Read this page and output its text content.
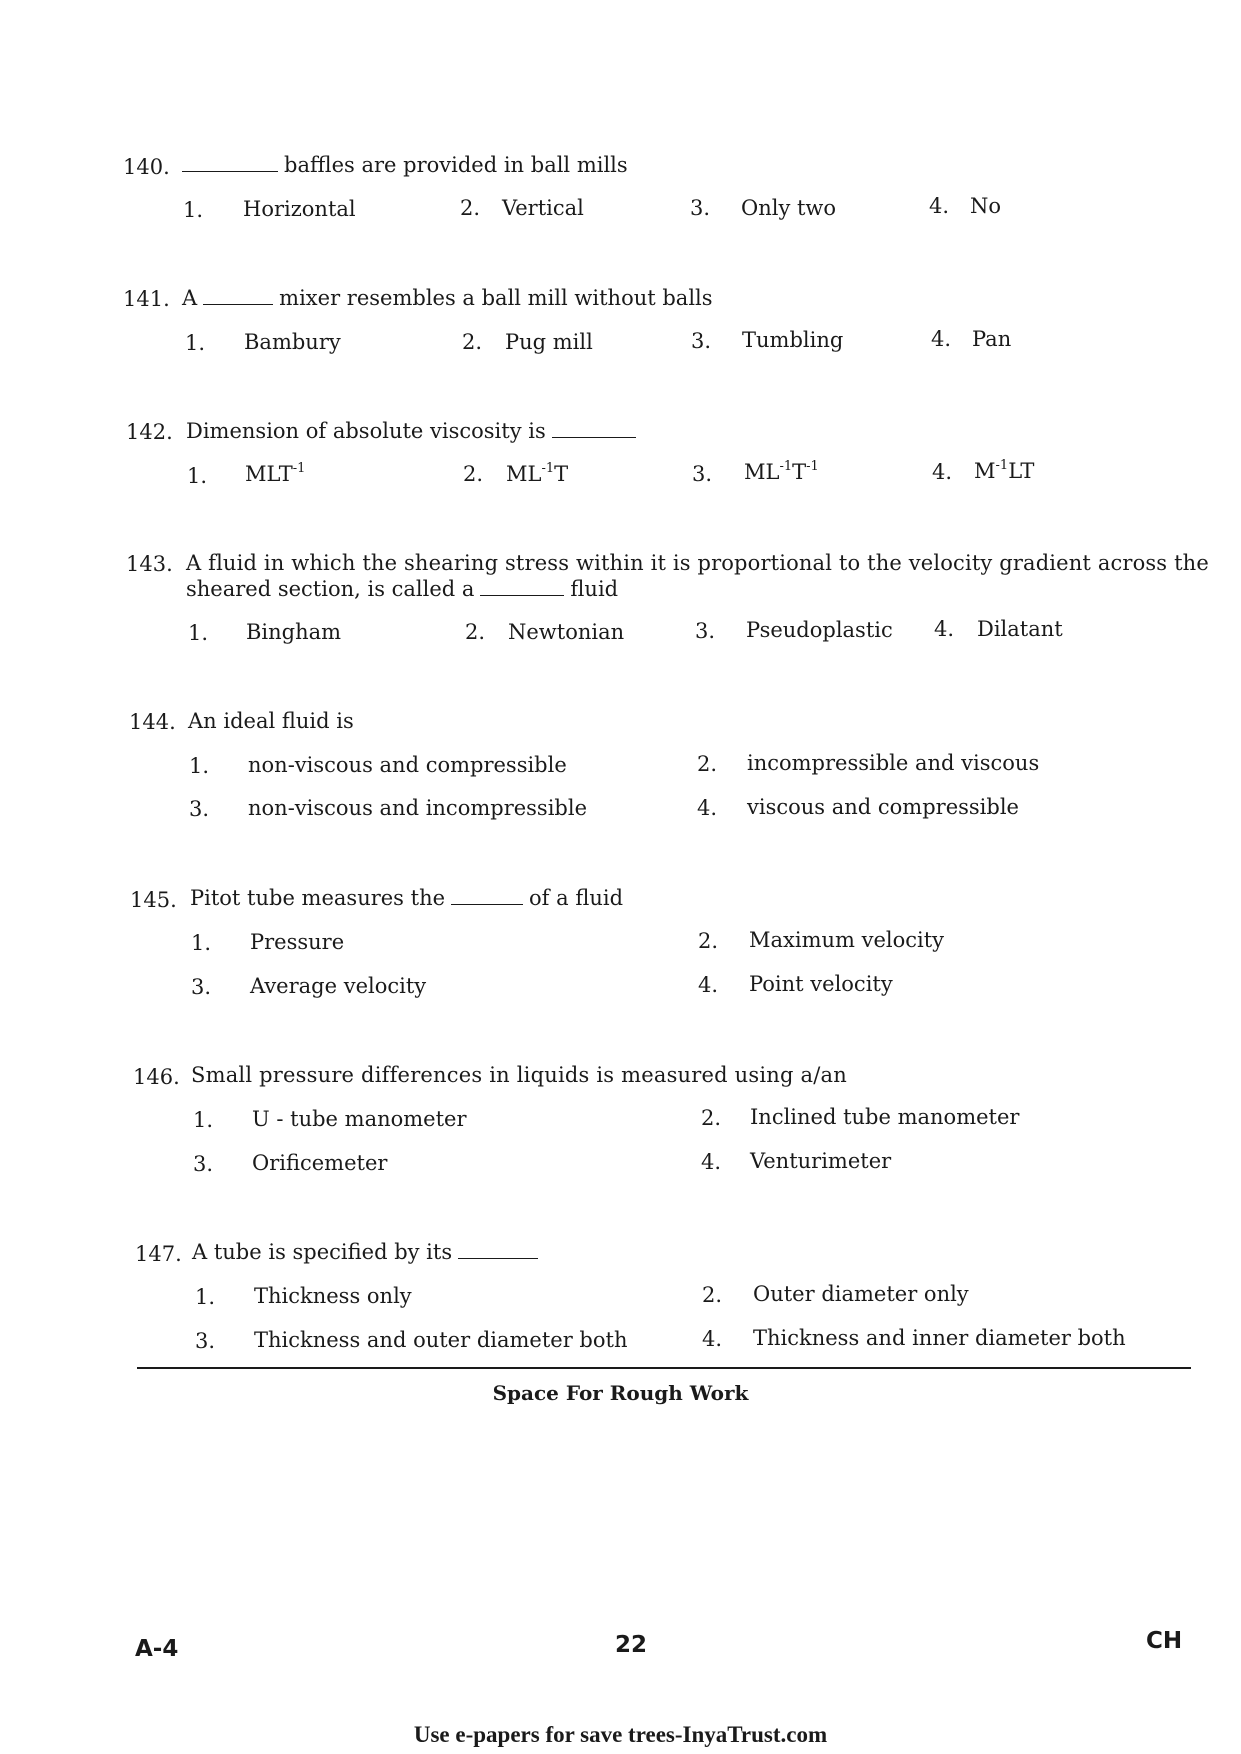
140.	baffles are provided in ball mills
1. Horizontal	2. Vertical	3. Only two	4. No
141. A	mixer resembles a ball mill without balls
1. Bambury	2. Pug mill	3. Tumbling	4. Pan
142. Dimension of absolute viscosity is
1. $MLT^{-1}$	2. $ML^{-1}T$	3. $ML^{-1}T^{-1}$	4. $M^{-1}LT$
143. A fluid in which the shearing stress within it is proportional to the velocity gradient across the
sheared section, is called a	fluid
1. Bingham	2. Newtonian	3. Pseudoplastic 4. Dilatant
144. An ideal fluid is
1. non-viscous and compressible	2. incompressible and viscous
3. non-viscous and incompressible	4. viscous and compressible
145. Pitot tube measures the	of a fluid
1. Pressure	2. Maximum velocity
3. Average velocity	4. Point velocity
146. Small pressure differences in liquids is measured using a/an
1. U - tube manometer	2. Inclined tube manometer
3. Orificemeter	4. Venturimeter
147. A tube is specified by its
1. Thickness only	2. Outer diameter only
3. Thickness and outer diameter both	4. Thickness and inner diameter both
Space For Rough Work
A-4	22	CH
Use e-papers for save trees-InyaTrust.com
